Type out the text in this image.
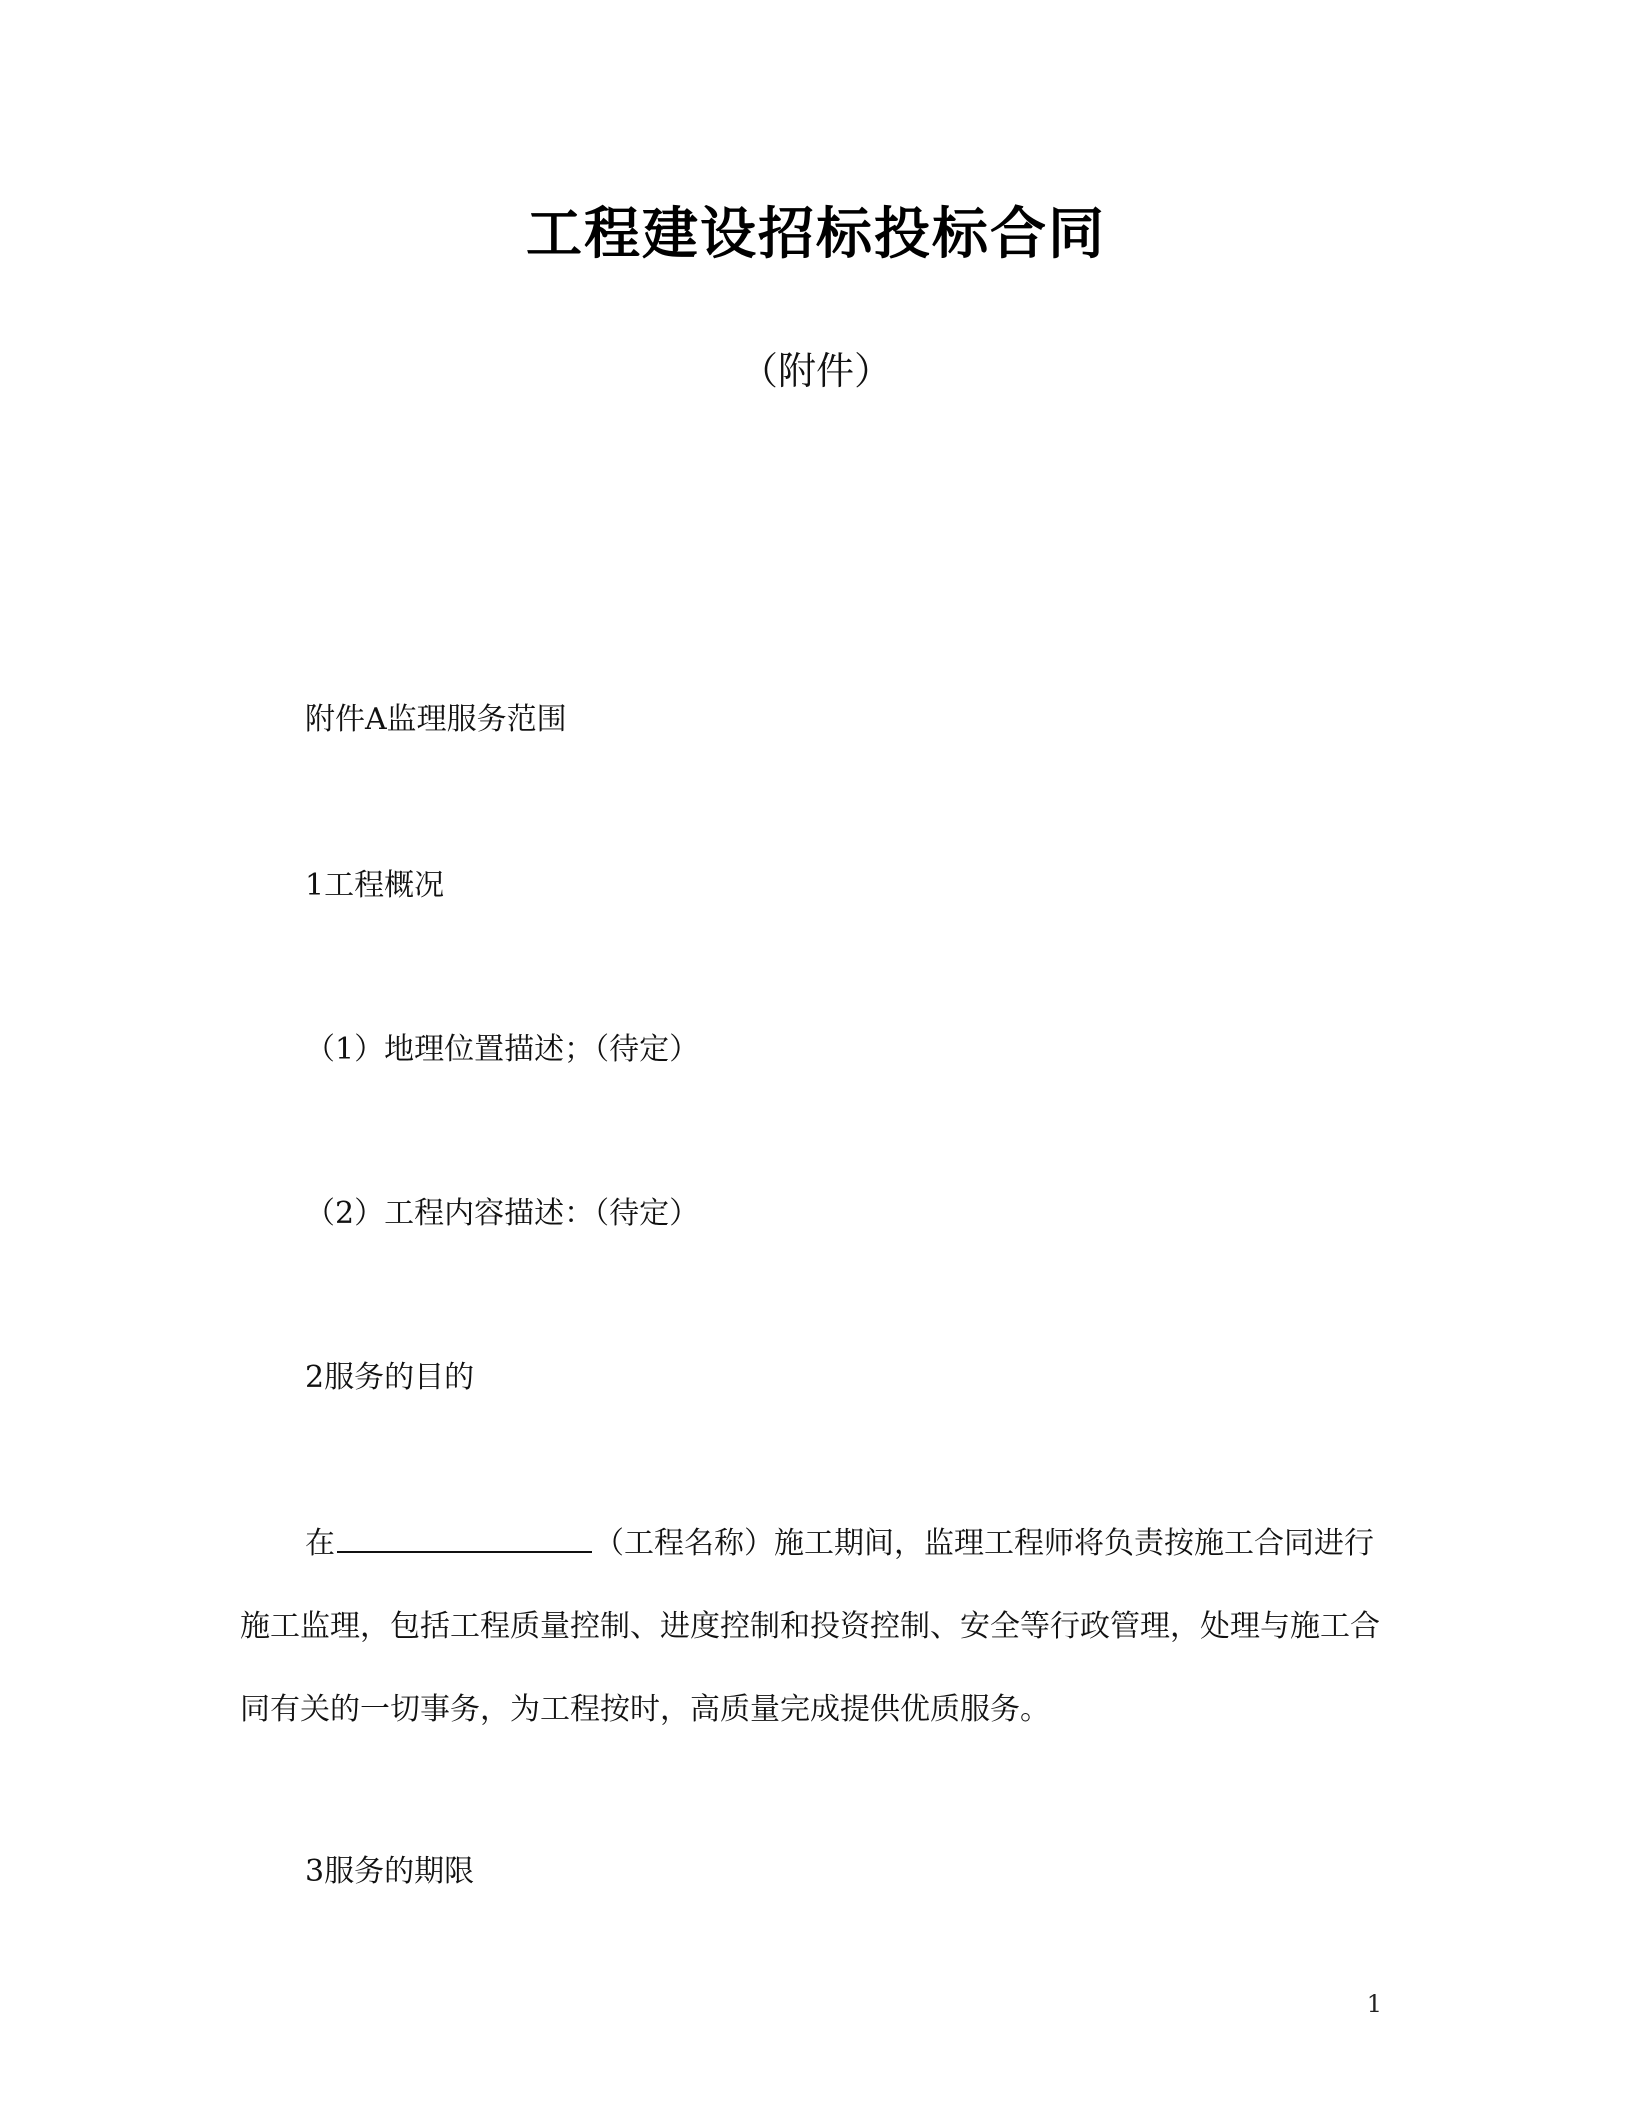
工程建设招标投标合同
（附件）
附件A监理服务范围
1工程概况
（1）地理位置描述；（待定）
（2）工程内容描述：（待定）
2服务的目的
在	（工程名称）施工期间，监理工程师将负责按施工合同进行施工监理，包括工程质量控制、进度控制和投资控制、安全等行政管理，处理与施工合同有关的一切事务，为工程按时，高质量完成提供优质服务。
3服务的期限
1
